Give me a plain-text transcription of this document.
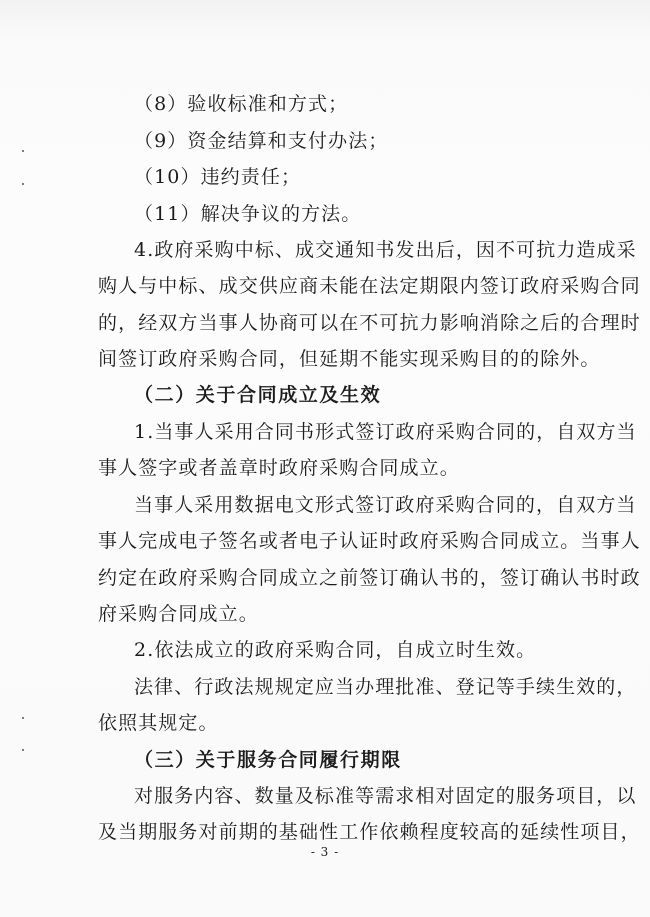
（8）验收标准和方式；
（9）资金结算和支付办法；
（10）违约责任；
（11）解决争议的方法。
4.政府采购中标、成交通知书发出后，因不可抗力造成采
购人与中标、成交供应商未能在法定期限内签订政府采购合同
的，经双方当事人协商可以在不可抗力影响消除之后的合理时
间签订政府采购合同，但延期不能实现采购目的的除外。
（二）关于合同成立及生效
1.当事人采用合同书形式签订政府采购合同的，自双方当
事人签字或者盖章时政府采购合同成立。
当事人采用数据电文形式签订政府采购合同的，自双方当
事人完成电子签名或者电子认证时政府采购合同成立。当事人
约定在政府采购合同成立之前签订确认书的，签订确认书时政
府采购合同成立。
2.依法成立的政府采购合同，自成立时生效。
法律、行政法规规定应当办理批准、登记等手续生效的，
依照其规定。
（三）关于服务合同履行期限
对服务内容、数量及标准等需求相对固定的服务项目，以
及当期服务对前期的基础性工作依赖程度较高的延续性项目，
- 3 -
